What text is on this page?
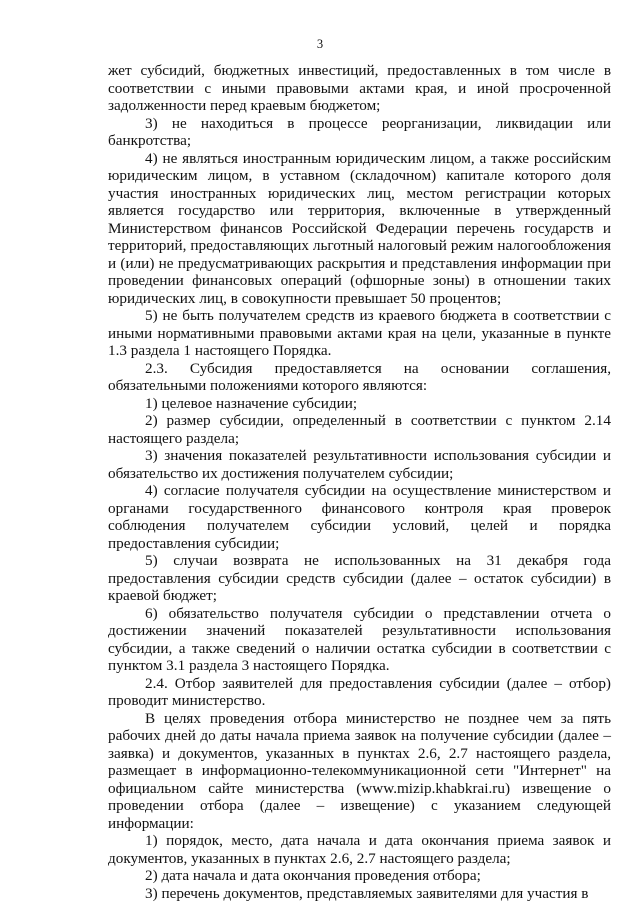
3

жет субсидий, бюджетных инвестиций, предоставленных в том числе в соответствии с иными правовыми актами края, и иной просроченной задолженности перед краевым бюджетом;

3) не находиться в процессе реорганизации, ликвидации или банкротства;

4) не являться иностранным юридическим лицом, а также российским юридическим лицом, в уставном (складочном) капитале которого доля участия иностранных юридических лиц, местом регистрации которых является государство или территория, включенные в утвержденный Министерством финансов Российской Федерации перечень государств и территорий, предоставляющих льготный налоговый режим налогообложения и (или) не предусматривающих раскрытия и представления информации при проведении финансовых операций (офшорные зоны) в отношении таких юридических лиц, в совокупности превышает 50 процентов;

5) не быть получателем средств из краевого бюджета в соответствии с иными нормативными правовыми актами края на цели, указанные в пункте 1.3 раздела 1 настоящего Порядка.

2.3. Субсидия предоставляется на основании соглашения, обязательными положениями которого являются:

1) целевое назначение субсидии;

2) размер субсидии, определенный в соответствии с пунктом 2.14 настоящего раздела;

3) значения показателей результативности использования субсидии и обязательство их достижения получателем субсидии;

4) согласие получателя субсидии на осуществление министерством и органами государственного финансового контроля края проверок соблюдения получателем субсидии условий, целей и порядка предоставления субсидии;

5) случаи возврата не использованных на 31 декабря года предоставления субсидии средств субсидии (далее – остаток субсидии) в краевой бюджет;

6) обязательство получателя субсидии о представлении отчета о достижении значений показателей результативности использования субсидии, а также сведений о наличии остатка субсидии в соответствии с пунктом 3.1 раздела 3 настоящего Порядка.

2.4. Отбор заявителей для предоставления субсидии (далее – отбор) проводит министерство.

В целях проведения отбора министерство не позднее чем за пять рабочих дней до даты начала приема заявок на получение субсидии (далее – заявка) и документов, указанных в пунктах 2.6, 2.7 настоящего раздела, размещает в информационно-телекоммуникационной сети "Интернет" на официальном сайте министерства (www.mizip.khabkrai.ru) извещение о проведении отбора (далее – извещение) с указанием следующей информации:

1) порядок, место, дата начала и дата окончания приема заявок и документов, указанных в пунктах 2.6, 2.7 настоящего раздела;

2) дата начала и дата окончания проведения отбора;

3) перечень документов, представляемых заявителями для участия в
